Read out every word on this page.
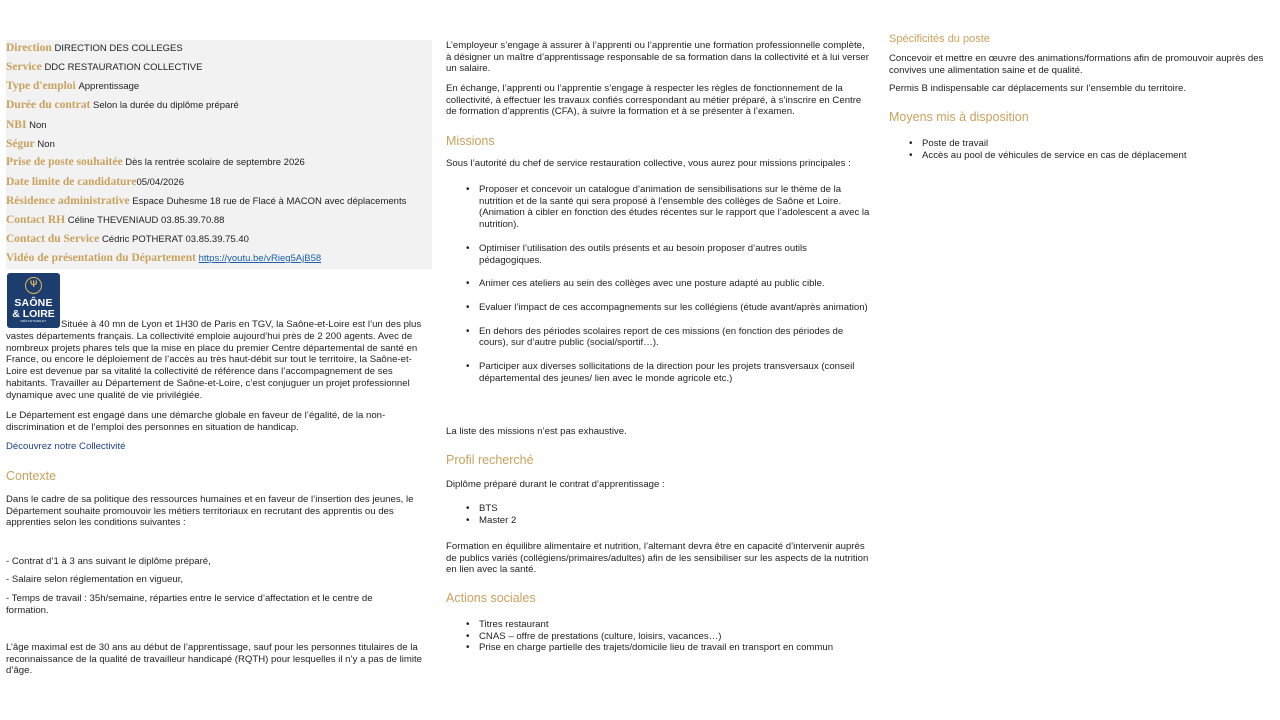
Direction DIRECTION DES COLLEGES
Service DDC RESTAURATION COLLECTIVE
Type d'emploi Apprentissage
Durée du contrat Selon la durée du diplôme préparé
NBI Non
Ségur Non
Prise de poste souhaitée Dès la rentrée scolaire de septembre 2026
Date limite de candidature05/04/2026
Résidence administrative Espace Duhesme 18 rue de Flacé à MACON avec déplacements
Contact RH Céline THEVENIAUD 03.85.39.70.88
Contact du Service Cédric POTHERAT 03.85.39.75.40
Vidéo de présentation du Département https://youtu.be/vRieg5AjB58
Ψ
SAÔNE
& LOIRE
DÉPARTEMENT	Située à 40 mn de Lyon et 1H30 de Paris en TGV, la Saône-et-Loire est l’un des plus
vastes départements français. La collectivité emploie aujourd’hui près de 2 200 agents. Avec de nombreux projets phares tels que la mise en place du premier Centre départemental de santé en France, ou encore le déploiement de l’accès au très haut-débit sur tout le territoire, la Saône-et-Loire est devenue par sa vitalité la collectivité de référence dans l’accompagnement de ses habitants. Travailler au Département de Saône-et-Loire, c’est conjuguer un projet professionnel dynamique avec une qualité de vie privilégiée.
Le Département est engagé dans une démarche globale en faveur de l’égalité, de la non-discrimination et de l’emploi des personnes en situation de handicap.
Découvrez notre Collectivité
Contexte
Dans le cadre de sa politique des ressources humaines et en faveur de l’insertion des jeunes, le Département souhaite promouvoir les métiers territoriaux en recrutant des apprentis ou des apprenties selon les conditions suivantes :
- Contrat d’1 à 3 ans suivant le diplôme préparé,
- Salaire selon réglementation en vigueur,
- Temps de travail : 35h/semaine, réparties entre le service d’affectation et le centre de formation.
L’âge maximal est de 30 ans au début de l’apprentissage, sauf pour les personnes titulaires de la reconnaissance de la qualité de travailleur handicapé (RQTH) pour lesquelles il n’y a pas de limite d’âge.
L’employeur s’engage à assurer à l’apprenti ou l’apprentie une formation professionnelle complète, à désigner un maître d’apprentissage responsable de sa formation dans la collectivité et à lui verser un salaire.
En échange, l’apprenti ou l’apprentie s’engage à respecter les règles de fonctionnement de la collectivité, à effectuer les travaux confiés correspondant au métier préparé, à s’inscrire en Centre de formation d’apprentis (CFA), à suivre la formation et à se présenter à l’examen.
Missions
Sous l’autorité du chef de service restauration collective, vous aurez pour missions principales :
• Proposer et concevoir un catalogue d’animation de sensibilisations sur le thème de la nutrition et de la santé qui sera proposé à l’ensemble des collèges de Saône et Loire. (Animation à cibler en fonction des études récentes sur le rapport que l’adolescent a avec la nutrition).
• Optimiser l’utilisation des outils présents et au besoin proposer d’autres outils pédagogiques.
• Animer ces ateliers au sein des collèges avec une posture adapté au public cible.
• Evaluer l’impact de ces accompagnements sur les collégiens (étude avant/après animation)
• En dehors des périodes scolaires report de ces missions (en fonction des périodes de cours), sur d’autre public (social/sportif…).
• Participer aux diverses sollicitations de la direction pour les projets transversaux (conseil départemental des jeunes/ lien avec le monde agricole etc.)
La liste des missions n’est pas exhaustive.
Profil recherché
Diplôme préparé durant le contrat d’apprentissage :
• BTS
• Master 2
Formation en équilibre alimentaire et nutrition, l’alternant devra être en capacité d’intervenir auprès de publics variés (collégiens/primaires/adultes) afin de les sensibiliser sur les aspects de la nutrition en lien avec la santé.
Actions sociales
• Titres restaurant
• CNAS – offre de prestations (culture, loisirs, vacances…)
• Prise en charge partielle des trajets/domicile lieu de travail en transport en commun
Spécificités du poste
Concevoir et mettre en œuvre des animations/formations afin de promouvoir auprès des convives une alimentation saine et de qualité.
Permis B indispensable car déplacements sur l’ensemble du territoire.
Moyens mis à disposition
• Poste de travail
• Accès au pool de véhicules de service en cas de déplacement
